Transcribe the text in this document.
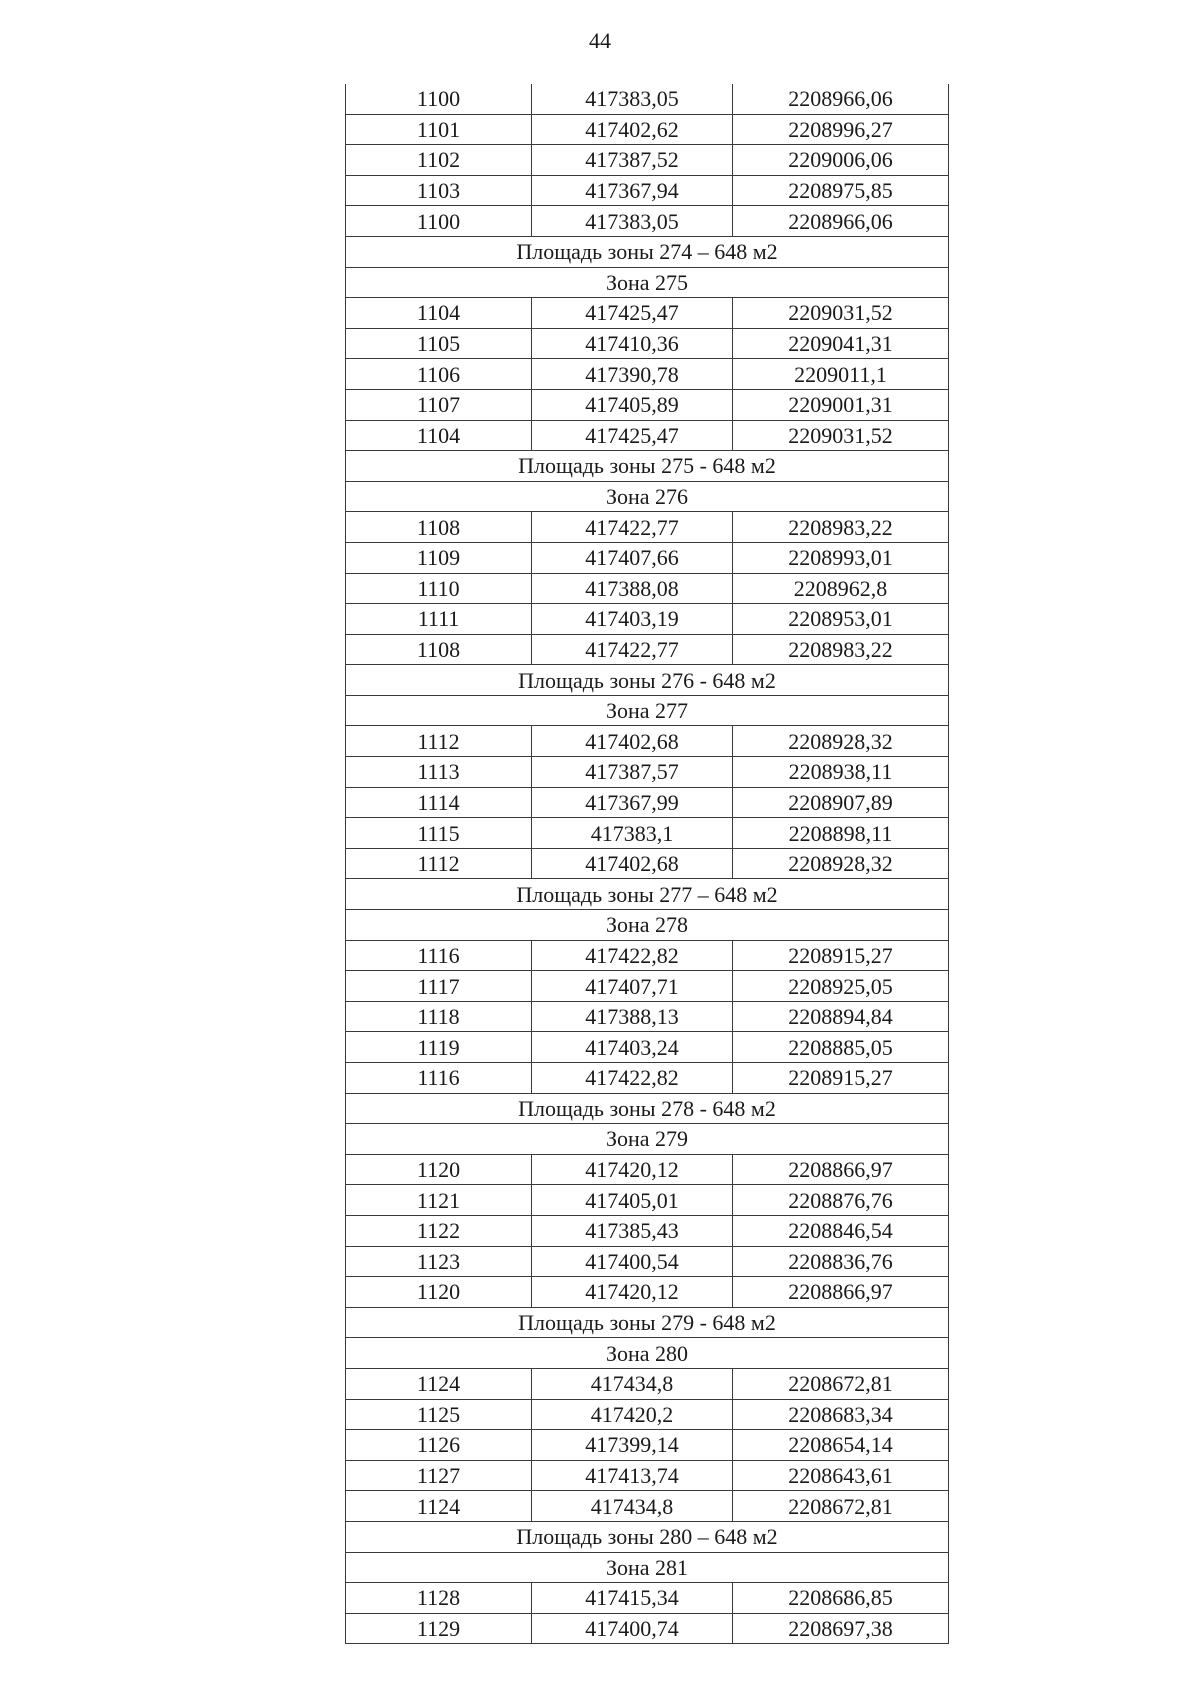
44
1100	417383,05	2208966,06
1101	417402,62	2208996,27
1102	417387,52	2209006,06
1103	417367,94	2208975,85
1100	417383,05	2208966,06
Площадь зоны 274 – 648 м2		
Зона 275		
1104	417425,47	2209031,52
1105	417410,36	2209041,31
1106	417390,78	2209011,1
1107	417405,89	2209001,31
1104	417425,47	2209031,52
Площадь зоны 275 - 648 м2		
Зона 276		
1108	417422,77	2208983,22
1109	417407,66	2208993,01
1110	417388,08	2208962,8
1111	417403,19	2208953,01
1108	417422,77	2208983,22
Площадь зоны 276 - 648 м2		
Зона 277		
1112	417402,68	2208928,32
1113	417387,57	2208938,11
1114	417367,99	2208907,89
1115	417383,1	2208898,11
1112	417402,68	2208928,32
Площадь зоны 277 – 648 м2		
Зона 278		
1116	417422,82	2208915,27
1117	417407,71	2208925,05
1118	417388,13	2208894,84
1119	417403,24	2208885,05
1116	417422,82	2208915,27
Площадь зоны 278 - 648 м2		
Зона 279		
1120	417420,12	2208866,97
1121	417405,01	2208876,76
1122	417385,43	2208846,54
1123	417400,54	2208836,76
1120	417420,12	2208866,97
Площадь зоны 279 - 648 м2		
Зона 280		
1124	417434,8	2208672,81
1125	417420,2	2208683,34
1126	417399,14	2208654,14
1127	417413,74	2208643,61
1124	417434,8	2208672,81
Площадь зоны 280 – 648 м2		
Зона 281		
1128	417415,34	2208686,85
1129	417400,74	2208697,38
